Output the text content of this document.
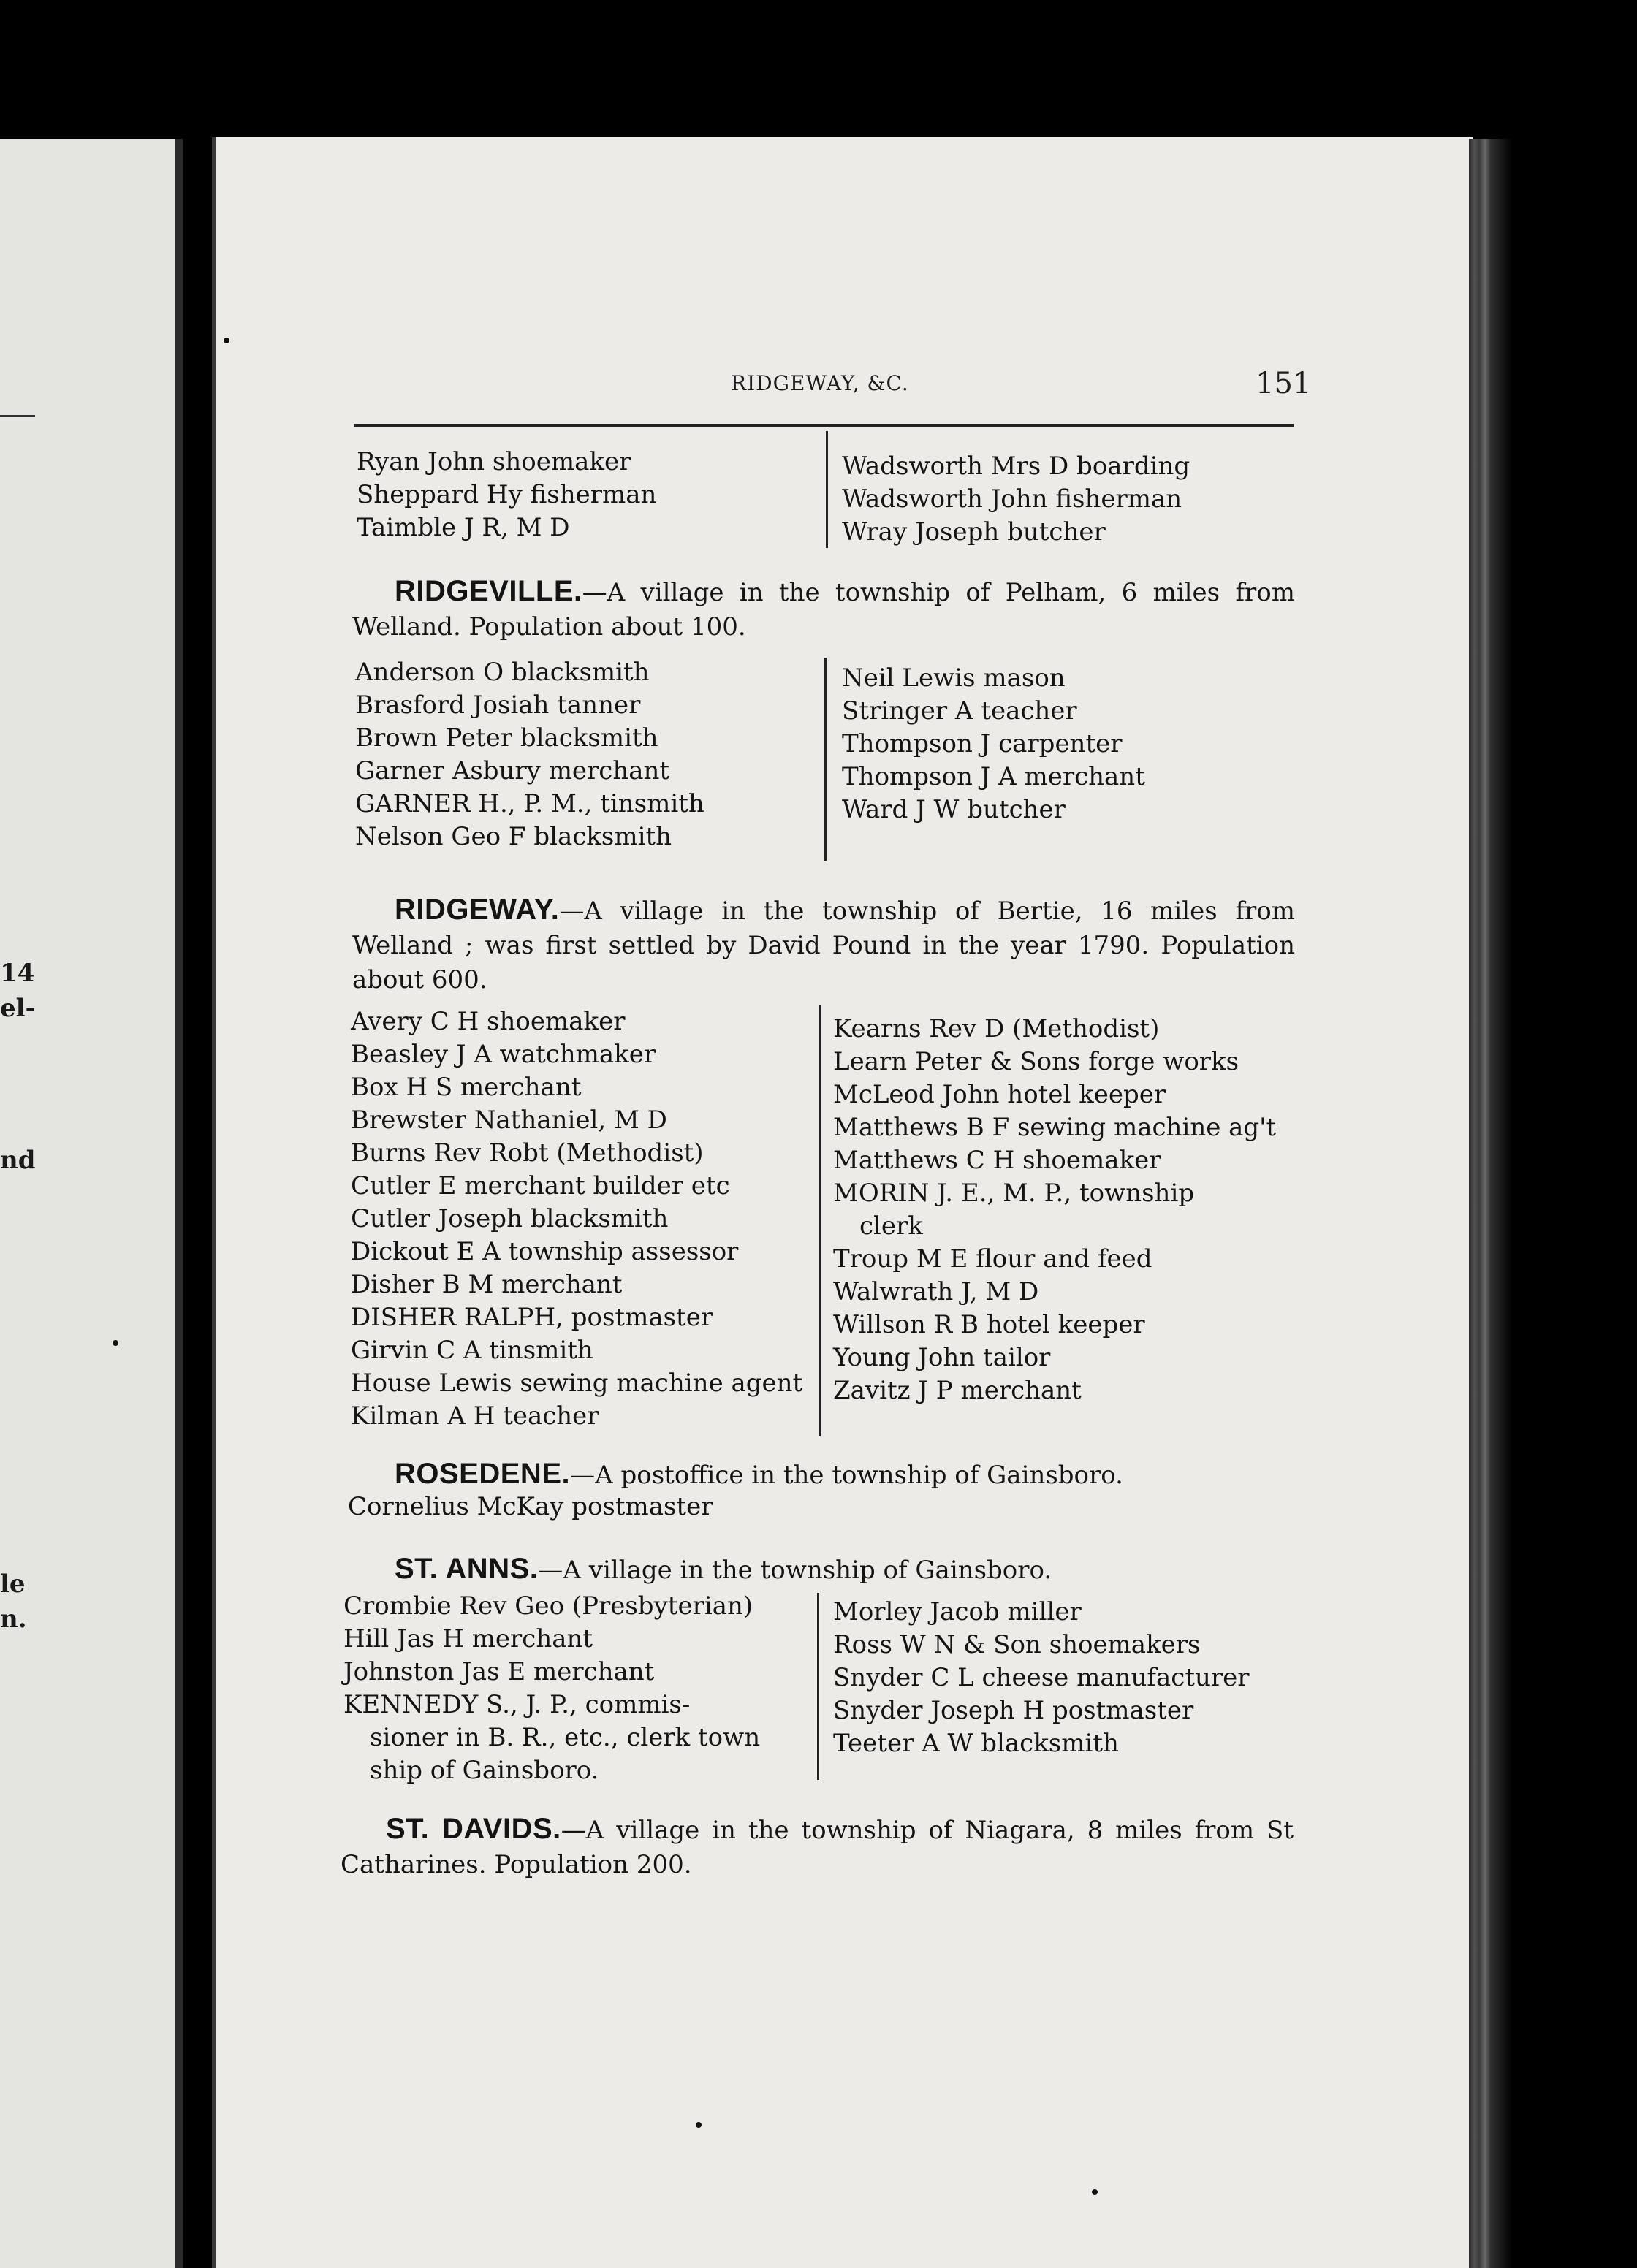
14
el-
nd
le
n.
RIDGEWAY, &C.	151
Ryan John shoemaker
Sheppard Hy fisherman
Taimble J R, M D
Wadsworth Mrs D boarding
Wadsworth John fisherman
Wray Joseph butcher
RIDGEVILLE.—A village in the township of Pelham, 6 miles from Welland. Population about 100.
Anderson O blacksmith
Brasford Josiah tanner
Brown Peter blacksmith
Garner Asbury merchant
GARNER H., P. M., tinsmith
Nelson Geo F blacksmith
Neil Lewis mason
Stringer A teacher
Thompson J carpenter
Thompson J A merchant
Ward J W butcher
RIDGEWAY.—A village in the township of Bertie, 16 miles from Welland ; was first settled by David Pound in the year 1790. Population about 600.
Avery C H shoemaker
Beasley J A watchmaker
Box H S merchant
Brewster Nathaniel, M D
Burns Rev Robt (Methodist)
Cutler E merchant builder etc
Cutler Joseph blacksmith
Dickout E A township assessor
Disher B M merchant
DISHER RALPH, postmaster
Girvin C A tinsmith
House Lewis sewing machine agent
Kilman A H teacher
Kearns Rev D (Methodist)
Learn Peter & Sons forge works
McLeod John hotel keeper
Matthews B F sewing machine ag't
Matthews C H shoemaker
MORIN J. E., M. P., township
clerk
Troup M E flour and feed
Walwrath J, M D
Willson R B hotel keeper
Young John tailor
Zavitz J P merchant
ROSEDENE.—A postoffice in the township of Gainsboro.
Cornelius McKay postmaster
ST. ANNS.—A village in the township of Gainsboro.
Crombie Rev Geo (Presbyterian)
Hill Jas H merchant
Johnston Jas E merchant
KENNEDY S., J. P., commis-
sioner in B. R., etc., clerk town
ship of Gainsboro.
Morley Jacob miller
Ross W N & Son shoemakers
Snyder C L cheese manufacturer
Snyder Joseph H postmaster
Teeter A W blacksmith
ST. DAVIDS.—A village in the township of Niagara, 8 miles from St Catharines. Population 200.
